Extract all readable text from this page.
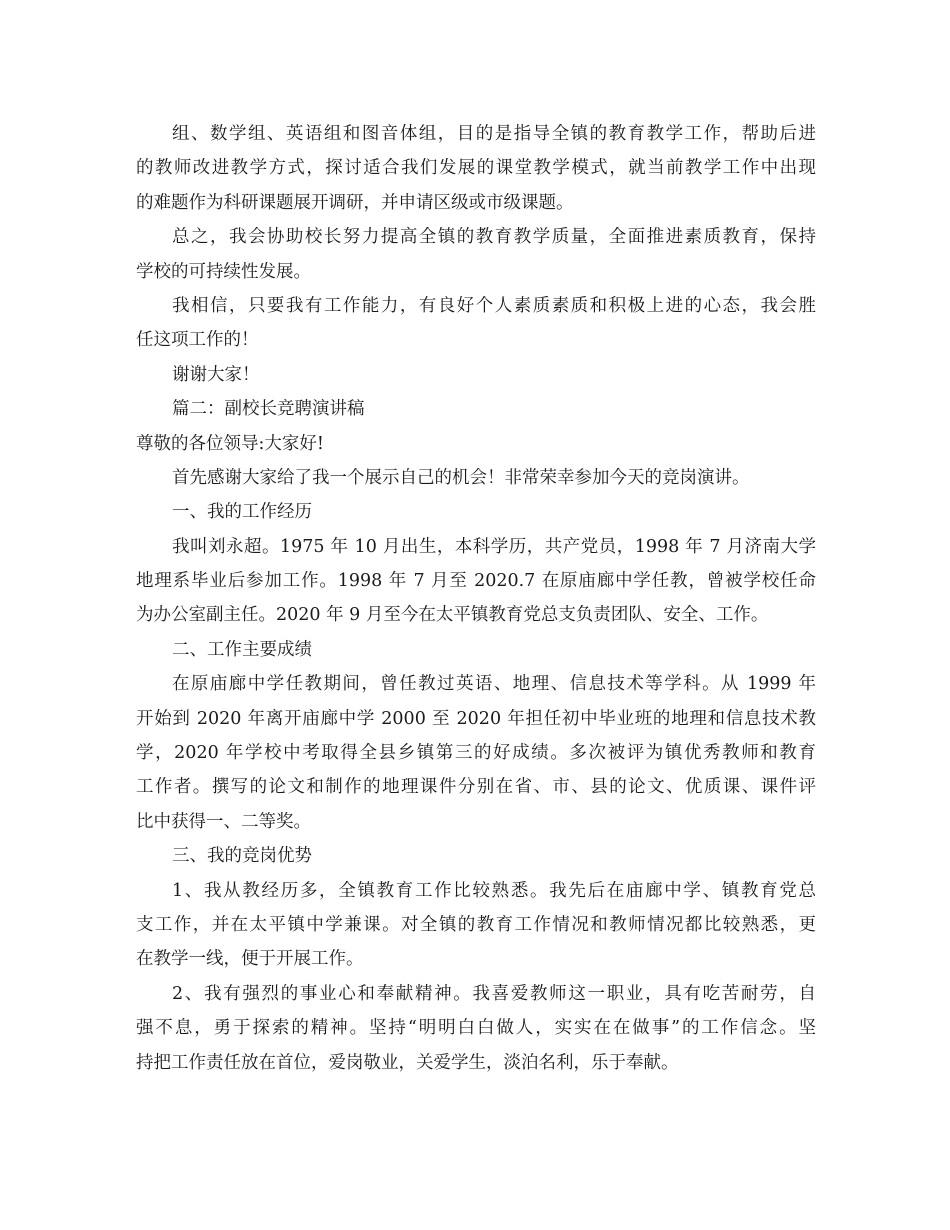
组、数学组、英语组和图音体组，目的是指导全镇的教育教学工作，帮助后进
的教师改进教学方式，探讨适合我们发展的课堂教学模式，就当前教学工作中出现
的难题作为科研课题展开调研，并申请区级或市级课题。
总之，我会协助校长努力提高全镇的教育教学质量，全面推进素质教育，保持
学校的可持续性发展。
我相信，只要我有工作能力，有良好个人素质素质和积极上进的心态，我会胜
任这项工作的！
谢谢大家！
篇二：副校长竞聘演讲稿
尊敬的各位领导:大家好!
首先感谢大家给了我一个展示自己的机会！非常荣幸参加今天的竞岗演讲。
一、我的工作经历
我叫刘永超。1975 年 10 月出生，本科学历，共产党员，1998 年 7 月济南大学
地理系毕业后参加工作。1998 年 7 月至 2020.7 在原庙廊中学任教，曾被学校任命
为办公室副主任。2020 年 9 月至今在太平镇教育党总支负责团队、安全、工作。
二、工作主要成绩
在原庙廊中学任教期间，曾任教过英语、地理、信息技术等学科。从 1999 年
开始到 2020 年离开庙廊中学 2000 至 2020 年担任初中毕业班的地理和信息技术教
学，2020 年学校中考取得全县乡镇第三的好成绩。多次被评为镇优秀教师和教育
工作者。撰写的论文和制作的地理课件分别在省、市、县的论文、优质课、课件评
比中获得一、二等奖。
三、我的竞岗优势
1、我从教经历多，全镇教育工作比较熟悉。我先后在庙廊中学、镇教育党总
支工作，并在太平镇中学兼课。对全镇的教育工作情况和教师情况都比较熟悉，更
在教学一线，便于开展工作。
2、我有强烈的事业心和奉献精神。我喜爱教师这一职业，具有吃苦耐劳，自
强不息，勇于探索的精神。坚持“明明白白做人，实实在在做事”的工作信念。坚
持把工作责任放在首位，爱岗敬业，关爱学生，淡泊名利，乐于奉献。
